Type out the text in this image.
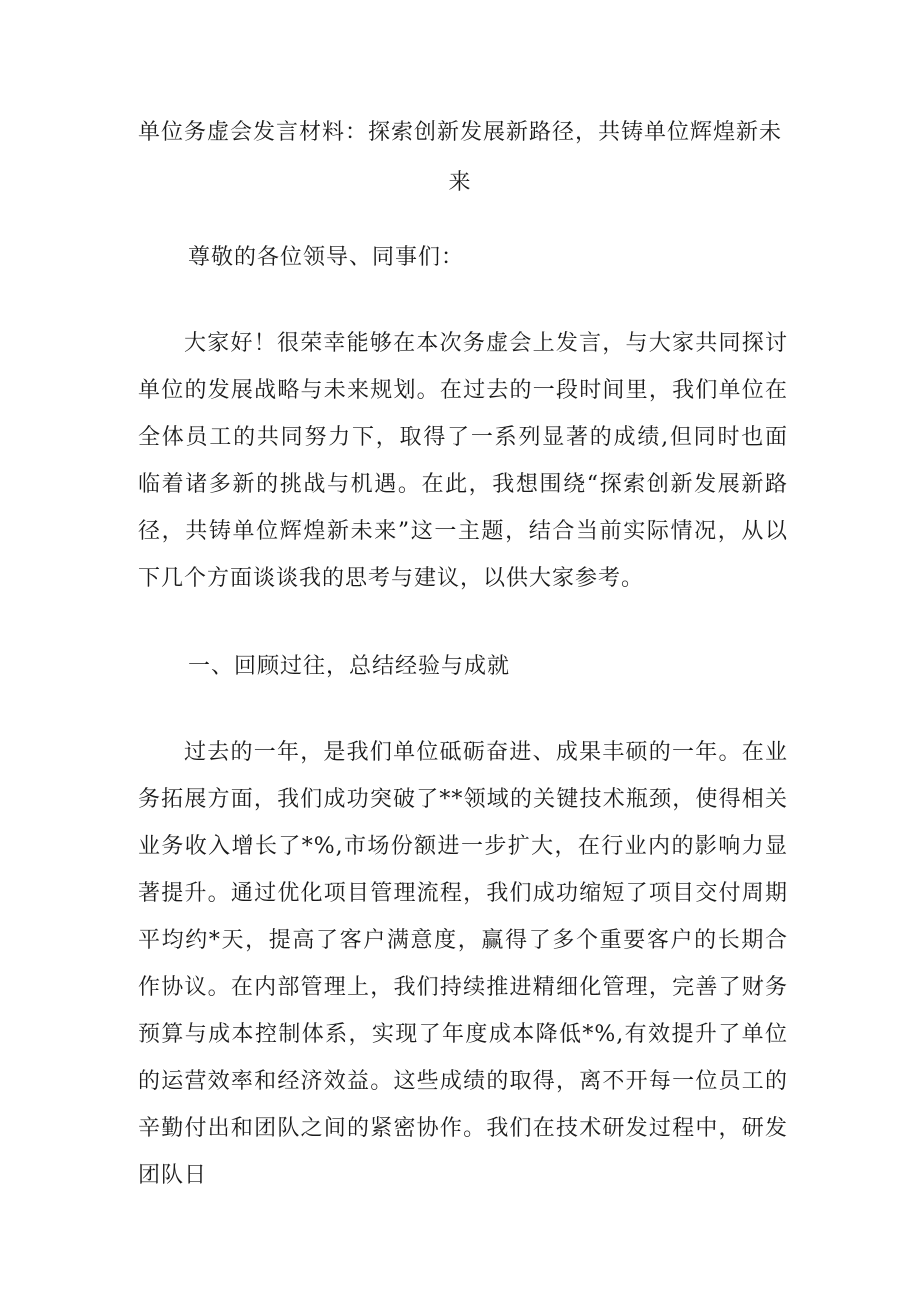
单位务虚会发言材料：探索创新发展新路径，共铸单位辉煌新未来
尊敬的各位领导、同事们：
大家好！很荣幸能够在本次务虚会上发言，与大家共同探讨单位的发展战略与未来规划。在过去的一段时间里，我们单位在全体员工的共同努力下，取得了一系列显著的成绩,但同时也面临着诸多新的挑战与机遇。在此，我想围绕“探索创新发展新路径，共铸单位辉煌新未来”这一主题，结合当前实际情况，从以下几个方面谈谈我的思考与建议，以供大家参考。
一、回顾过往，总结经验与成就
过去的一年，是我们单位砥砺奋进、成果丰硕的一年。在业务拓展方面，我们成功突破了**领域的关键技术瓶颈，使得相关业务收入增长了*%,市场份额进一步扩大，在行业内的影响力显著提升。通过优化项目管理流程，我们成功缩短了项目交付周期平均约*天，提高了客户满意度，赢得了多个重要客户的长期合作协议。在内部管理上，我们持续推进精细化管理，完善了财务预算与成本控制体系，实现了年度成本降低*%,有效提升了单位的运营效率和经济效益。这些成绩的取得，离不开每一位员工的辛勤付出和团队之间的紧密协作。我们在技术研发过程中，研发团队日
